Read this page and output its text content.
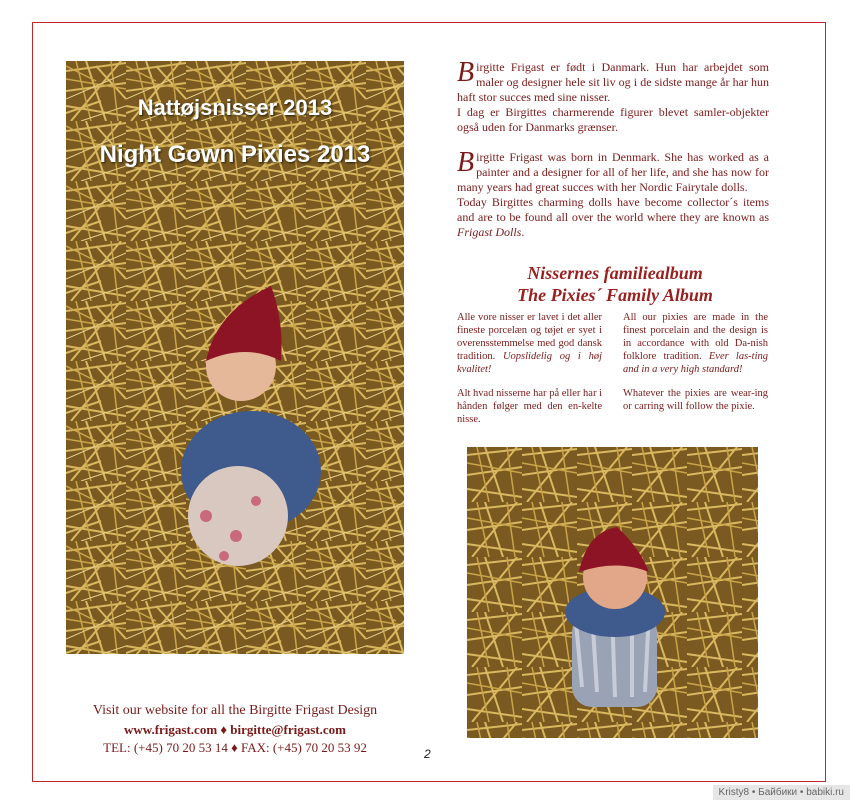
Nattøjsnisser 2013
Night Gown Pixies 2013
Birgitte Frigast er født i Danmark. Hun har arbejdet som maler og designer hele sit liv og i de sidste mange år har hun haft stor succes med sine nisser.
I dag er Birgittes charmerende figurer blevet samler-objekter også uden for Danmarks grænser.
Birgitte Frigast was born in Denmark. She has worked as a painter and a designer for all of her life, and she has now for many years had great succes with her Nordic Fairytale dolls.
Today Birgittes charming dolls have become collector´s items and are to be found all over the world where they are known as Frigast Dolls.
Nissernes familiealbum
The Pixies´ Family Album
Alle vore nisser er lavet i det aller fineste porcelæn og tøjet er syet i overensstemmelse med god dansk tradition. Uopslidelig og i høj kvalitet!
Alt hvad nisserne har på eller har i hånden følger med den en-kelte nisse.
All our pixies are made in the finest porcelain and the design is in accordance with old Da-nish folklore tradition. Ever las-ting and in a very high standard!
Whatever the pixies are wear-ing or carring will follow the pixie.
Visit our website for all the Birgitte Frigast Design
www.frigast.com ♦ birgitte@frigast.com
TEL: (+45) 70 20 53 14 ♦ FAX: (+45) 70 20 53 92	2
Kristy8 • Байбики • babiki.ru
